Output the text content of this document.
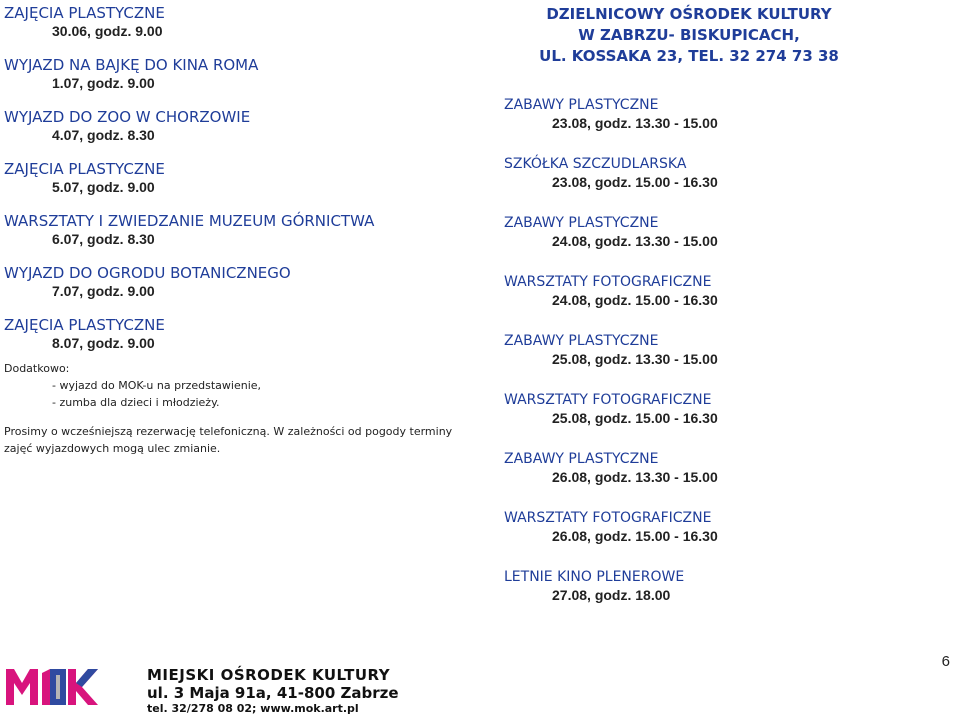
ZAJĘCIA PLASTYCZNE
30.06, godz. 9.00
WYJAZD NA BAJKĘ DO KINA ROMA
1.07, godz. 9.00
WYJAZD DO ZOO W CHORZOWIE
4.07, godz. 8.30
ZAJĘCIA PLASTYCZNE
5.07, godz. 9.00
WARSZTATY I ZWIEDZANIE MUZEUM GÓRNICTWA
6.07, godz. 8.30
WYJAZD DO OGRODU BOTANICZNEGO
7.07, godz. 9.00
ZAJĘCIA PLASTYCZNE
8.07, godz. 9.00
Dodatkowo:
- wyjazd do MOK-u na przedstawienie,
- zumba dla dzieci i młodzieży.
Prosimy o wcześniejszą rezerwację telefoniczną. W zależności od pogody terminy
zajęć wyjazdowych mogą ulec zmianie.
DZIELNICOWY OŚRODEK KULTURY
W ZABRZU- BISKUPICACH,
UL. KOSSAKA 23, TEL. 32 274 73 38
ZABAWY PLASTYCZNE
23.08, godz. 13.30 - 15.00
SZKÓŁKA SZCZUDLARSKA
23.08, godz. 15.00 - 16.30
ZABAWY PLASTYCZNE
24.08, godz. 13.30 - 15.00
WARSZTATY FOTOGRAFICZNE
24.08, godz. 15.00 - 16.30
ZABAWY PLASTYCZNE
25.08, godz. 13.30 - 15.00
WARSZTATY FOTOGRAFICZNE
25.08, godz. 15.00 - 16.30
ZABAWY PLASTYCZNE
26.08, godz. 13.30 - 15.00
WARSZTATY FOTOGRAFICZNE
26.08, godz. 15.00 - 16.30
LETNIE KINO PLENEROWE
27.08, godz. 18.00
MIEJSKI OŚRODEK KULTURY
ul. 3 Maja 91a, 41-800 Zabrze
tel. 32/278 08 02; www.mok.art.pl
6
